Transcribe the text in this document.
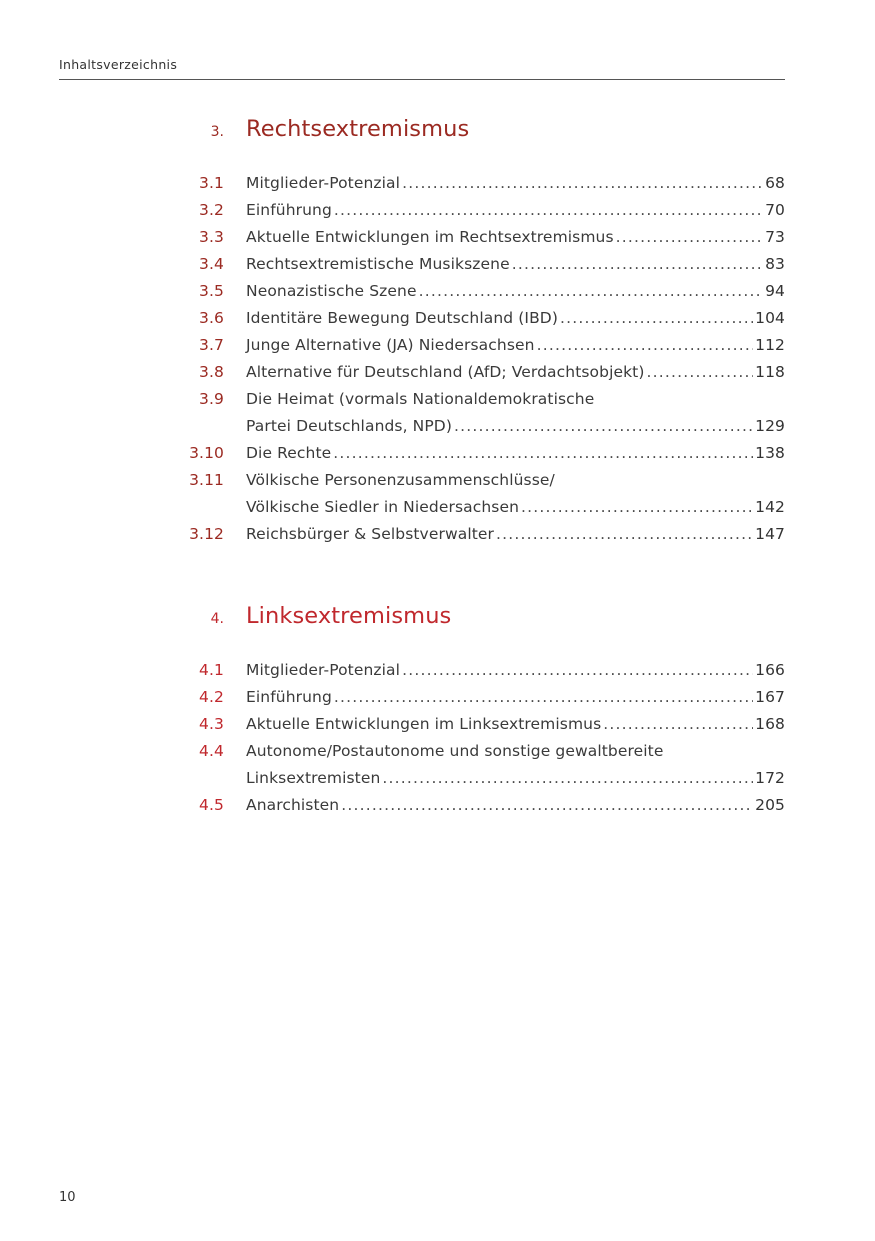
Inhaltsverzeichnis
3. Rechtsextremismus
3.1 Mitglieder-Potenzial .....	68
3.2 Einführung .....	70
3.3 Aktuelle Entwicklungen im Rechtsextremismus .....	73
3.4 Rechtsextremistische Musikszene .....	83
3.5 Neonazistische Szene .....	94
3.6 Identitäre Bewegung Deutschland (IBD) .....	104
3.7 Junge Alternative (JA) Niedersachsen .....	112
3.8 Alternative für Deutschland (AfD; Verdachtsobjekt) .....	118
3.9 Die Heimat (vormals Nationaldemokratische
Partei Deutschlands, NPD) .....	129
3.10 Die Rechte .....	138
3.11 Völkische Personenzusammenschlüsse/
Völkische Siedler in Niedersachsen .....	142
3.12 Reichsbürger & Selbstverwalter .....	147
4. Linksextremismus
4.1 Mitglieder-Potenzial .....	166
4.2 Einführung .....	167
4.3 Aktuelle Entwicklungen im Linksextremismus .....	168
4.4 Autonome/Postautonome und sonstige gewaltbereite
Linksextremisten .....	172
4.5 Anarchisten .....	205
10
